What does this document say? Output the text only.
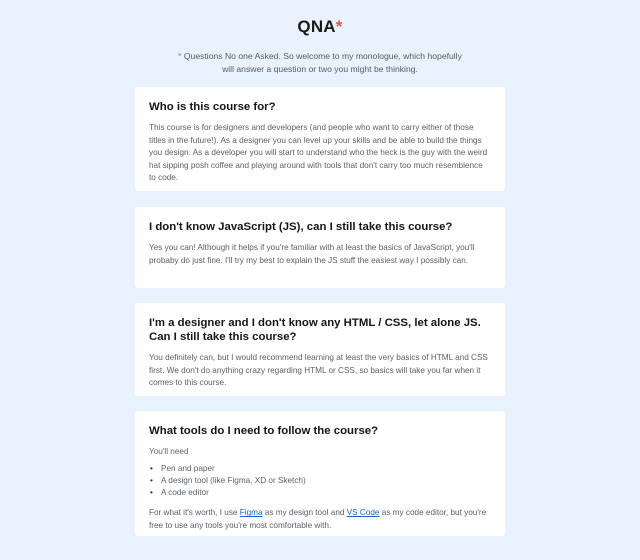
QNA*

* Questions No one Asked. So welcome to my monologue, which hopefully will answer a question or two you might be thinking.

Who is this course for?

This course is for designers and developers (and people who want to carry either of those titles in the future!). As a designer you can level up your skills and be able to build the things you design. As a developer you will start to understand who the heck is the guy with the weird hat sipping posh coffee and playing around with tools that don't carry too much resemblence to code.

I don't know JavaScript (JS), can I still take this course?

Yes you can! Although it helps if you're familiar with at least the basics of JavaScript, you'll probaby do just fine. I'll try my best to explain the JS stuff the easiest way I possibly can.

I'm a designer and I don't know any HTML / CSS, let alone JS. Can I still take this course?

You definitely can, but I would recommend learning at least the very basics of HTML and CSS first. We don't do anything crazy regarding HTML or CSS, so basics will take you far when it comes to this course.

What tools do I need to follow the course?

You'll need

• Pen and paper
• A design tool (like Figma, XD or Sketch)
• A code editor

For what it's worth, I use Figma as my design tool and VS Code as my code editor, but you're free to use any tools you're most comfortable with.
